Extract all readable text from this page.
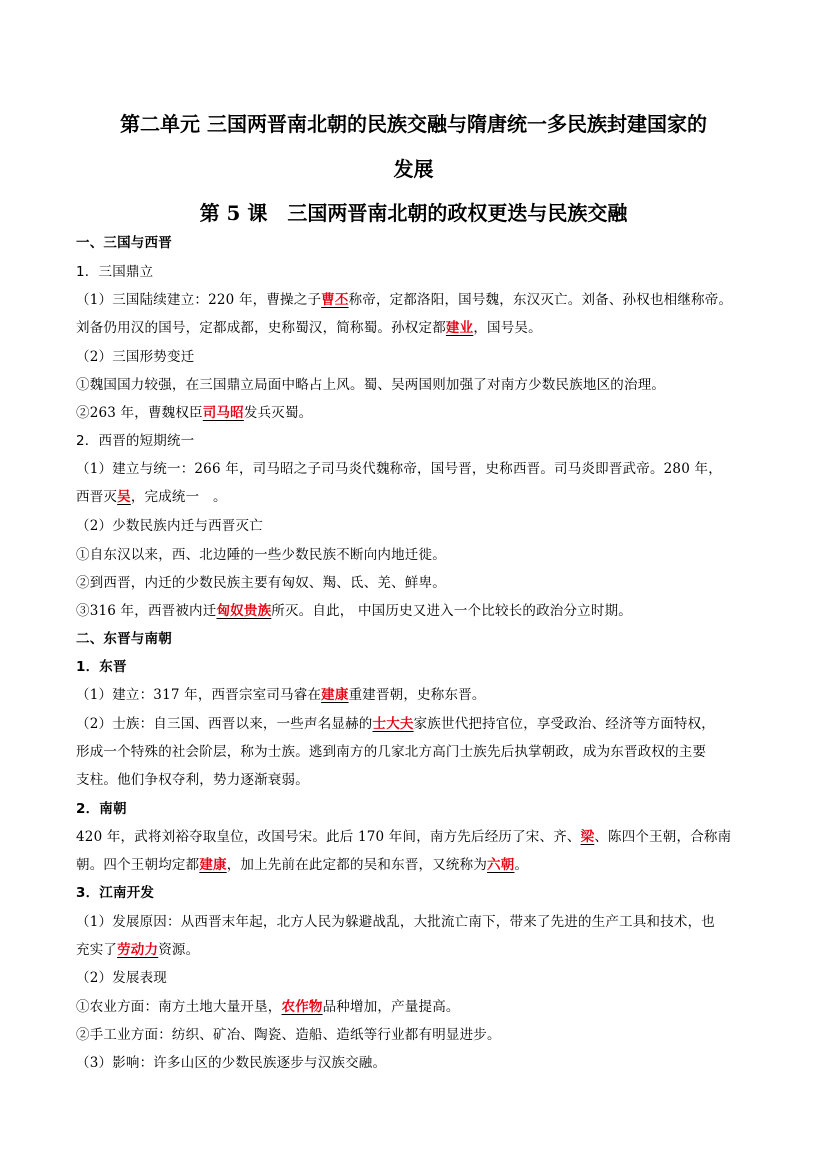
第二单元 三国两晋南北朝的民族交融与隋唐统一多民族封建国家的
发展
第 5 课　三国两晋南北朝的政权更迭与民族交融
一、三国与西晋
1．三国鼎立
（1）三国陆续建立：220 年，曹操之子曹丕称帝，定都洛阳，国号魏，东汉灭亡。刘备、孙权也相继称帝。
刘备仍用汉的国号，定都成都，史称蜀汉，简称蜀。孙权定都建业，国号吴。
（2）三国形势变迁
①魏国国力较强，在三国鼎立局面中略占上风。蜀、吴两国则加强了对南方少数民族地区的治理。
②263 年，曹魏权臣司马昭发兵灭蜀。
2．西晋的短期统一
（1）建立与统一：266 年，司马昭之子司马炎代魏称帝，国号晋，史称西晋。司马炎即晋武帝。280 年，
西晋灭吴，完成统一　。
（2）少数民族内迁与西晋灭亡
①自东汉以来，西、北边陲的一些少数民族不断向内地迁徙。
②到西晋，内迁的少数民族主要有匈奴、羯、氐、羌、鲜卑。
③316 年，西晋被内迁匈奴贵族所灭。自此， 中国历史又进入一个比较长的政治分立时期。
二、东晋与南朝
1．东晋
（1）建立：317 年，西晋宗室司马睿在建康重建晋朝，史称东晋。
（2）士族：自三国、西晋以来，一些声名显赫的士大夫家族世代把持官位，享受政治、经济等方面特权，
形成一个特殊的社会阶层，称为士族。逃到南方的几家北方高门士族先后执掌朝政，成为东晋政权的主要
支柱。他们争权夺利，势力逐渐衰弱。
2．南朝
420 年，武将刘裕夺取皇位，改国号宋。此后 170 年间，南方先后经历了宋、齐、梁、陈四个王朝，合称南
朝。四个王朝均定都建康，加上先前在此定都的吴和东晋，又统称为六朝。
3．江南开发
（1）发展原因：从西晋末年起，北方人民为躲避战乱，大批流亡南下，带来了先进的生产工具和技术，也
充实了劳动力资源。
（2）发展表现
①农业方面：南方土地大量开垦，农作物品种增加，产量提高。
②手工业方面：纺织、矿冶、陶瓷、造船、造纸等行业都有明显进步。
（3）影响：许多山区的少数民族逐步与汉族交融。
